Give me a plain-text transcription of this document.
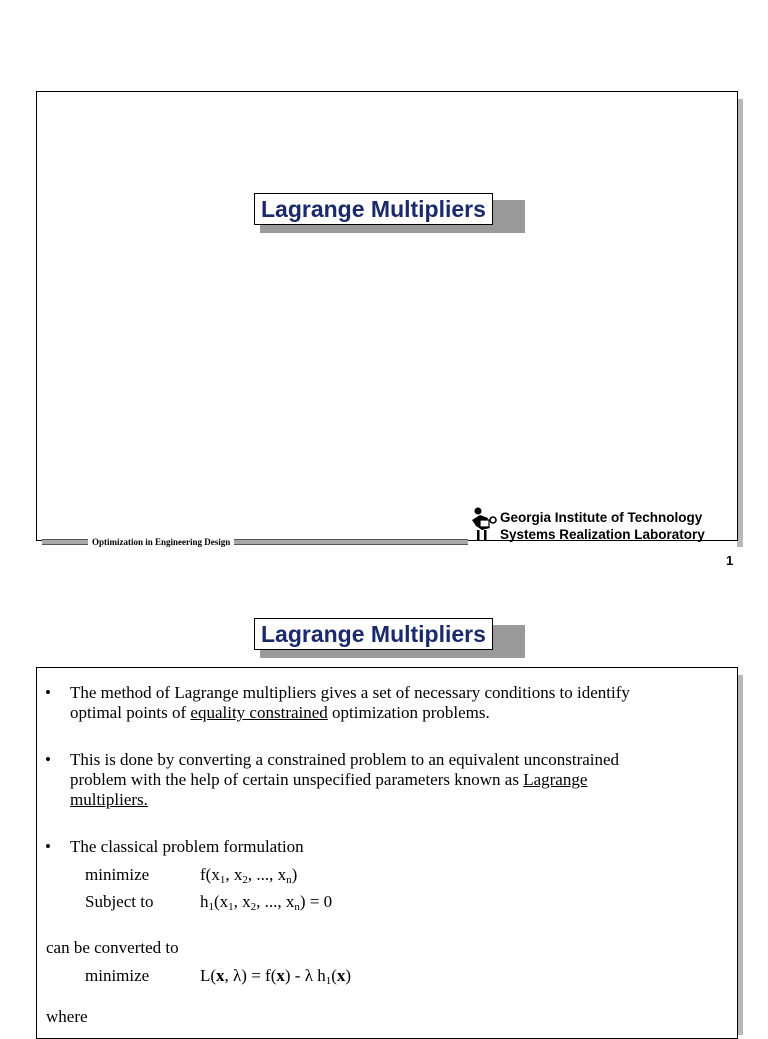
Lagrange Multipliers
Optimization in Engineering Design
Georgia Institute of Technology
Systems Realization Laboratory
1
Lagrange Multipliers
• The method of Lagrange multipliers gives a set of necessary conditions to identify
optimal points of equality constrained optimization problems.
• This is done by converting a constrained problem to an equivalent unconstrained
problem with the help of certain unspecified parameters known as Lagrange
multipliers.
• The classical problem formulation
minimize	$f(x_1$, $x_2$, ..., $x_n$)
Subject to	$h_1(x_1$, $x_2$, ..., $x_n) = 0$
can be converted to
minimize	L(x, λ) = f(x) - λ $h_1(x)$
where
